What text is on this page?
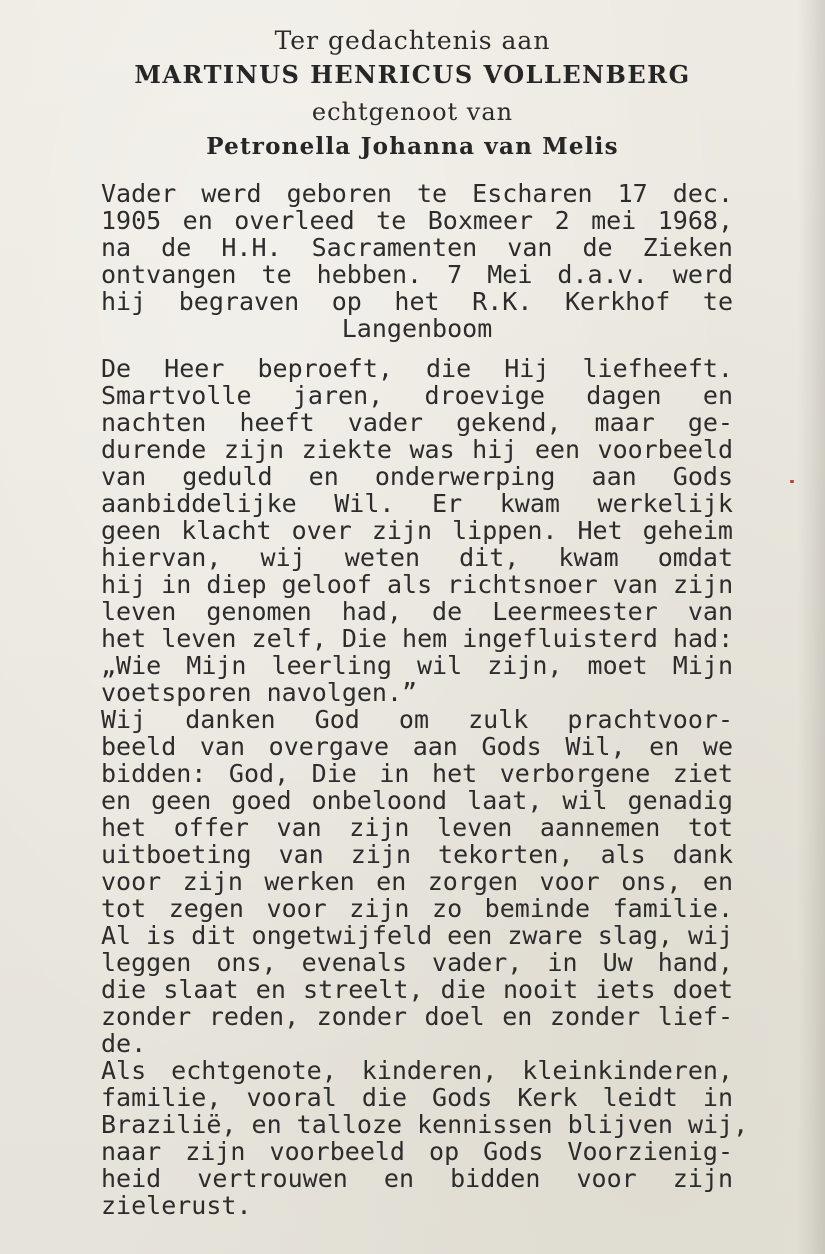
Ter gedachtenis aan
MARTINUS HENRICUS VOLLENBERG
echtgenoot van
Petronella Johanna van Melis
Vader werd geboren te Escharen 17 dec.
1905 en overleed te Boxmeer 2 mei 1968,
na de H.H. Sacramenten van de Zieken
ontvangen te hebben. 7 Mei d.a.v. werd
hij begraven op het R.K. Kerkhof te
Langenboom
De Heer beproeft, die Hij liefheeft.
Smartvolle jaren, droevige dagen en
nachten heeft vader gekend, maar ge-
durende zijn ziekte was hij een voorbeeld
van geduld en onderwerping aan Gods
aanbiddelijke Wil. Er kwam werkelijk
geen klacht over zijn lippen. Het geheim
hiervan, wij weten dit, kwam omdat
hij in diep geloof als richtsnoer van zijn
leven genomen had, de Leermeester van
het leven zelf, Die hem ingefluisterd had:
„Wie Mijn leerling wil zijn, moet Mijn
voetsporen navolgen.”
Wij danken God om zulk prachtvoor-
beeld van overgave aan Gods Wil, en we
bidden: God, Die in het verborgene ziet
en geen goed onbeloond laat, wil genadig
het offer van zijn leven aannemen tot
uitboeting van zijn tekorten, als dank
voor zijn werken en zorgen voor ons, en
tot zegen voor zijn zo beminde familie.
Al is dit ongetwijfeld een zware slag, wij
leggen ons, evenals vader, in Uw hand,
die slaat en streelt, die nooit iets doet
zonder reden, zonder doel en zonder lief-
de.
Als echtgenote, kinderen, kleinkinderen,
familie, vooral die Gods Kerk leidt in
Brazilië, en talloze kennissen blijven wij,
naar zijn voorbeeld op Gods Voorzienig-
heid vertrouwen en bidden voor zijn
zielerust.
